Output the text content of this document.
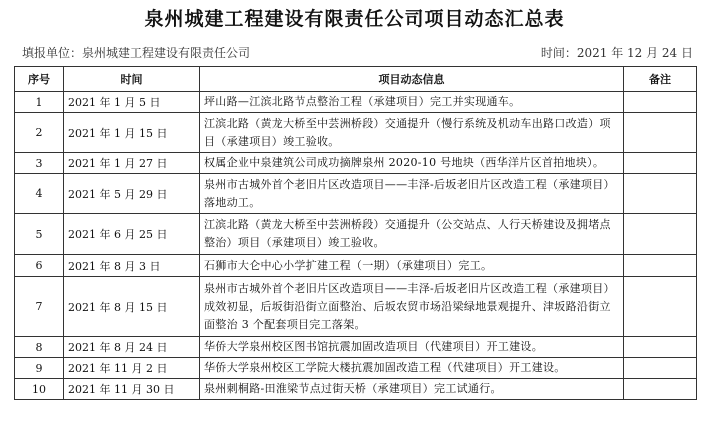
泉州城建工程建设有限责任公司项目动态汇总表
填报单位：泉州城建工程建设有限责任公司	时间：2021 年 12 月 24 日
序号	时间	项目动态信息	备注
1	2021 年 1 月 5 日	坪山路—江滨北路节点整治工程（承建项目）完工并实现通车。	
2	2021 年 1 月 15 日	江滨北路（黄龙大桥至中芸洲桥段）交通提升（慢行系统及机动车出路口改造）项目（承建项目）竣工验收。	
3	2021 年 1 月 27 日	权属企业中泉建筑公司成功摘牌泉州 2020-10 号地块（西华洋片区首拍地块）。	
4	2021 年 5 月 29 日	泉州市古城外首个老旧片区改造项目——丰泽-后坂老旧片区改造工程（承建项目）落地动工。	
5	2021 年 6 月 25 日	江滨北路（黄龙大桥至中芸洲桥段）交通提升（公交站点、人行天桥建设及拥堵点整治）项目（承建项目）竣工验收。	
6	2021 年 8 月 3 日	石狮市大仑中心小学扩建工程（一期）（承建项目）完工。	
7	2021 年 8 月 15 日	泉州市古城外首个老旧片区改造项目——丰泽-后坂老旧片区改造工程（承建项目）成效初显，后坂街沿街立面整治、后坂农贸市场沿梁绿地景观提升、津坂路沿街立面整治 3 个配套项目完工落架。	
8	2021 年 8 月 24 日	华侨大学泉州校区图书馆抗震加固改造项目（代建项目）开工建设。	
9	2021 年 11 月 2 日	华侨大学泉州校区工学院大楼抗震加固改造工程（代建项目）开工建设。	
10	2021 年 11 月 30 日	泉州刺桐路-田淮梁节点过街天桥（承建项目）完工试通行。	
